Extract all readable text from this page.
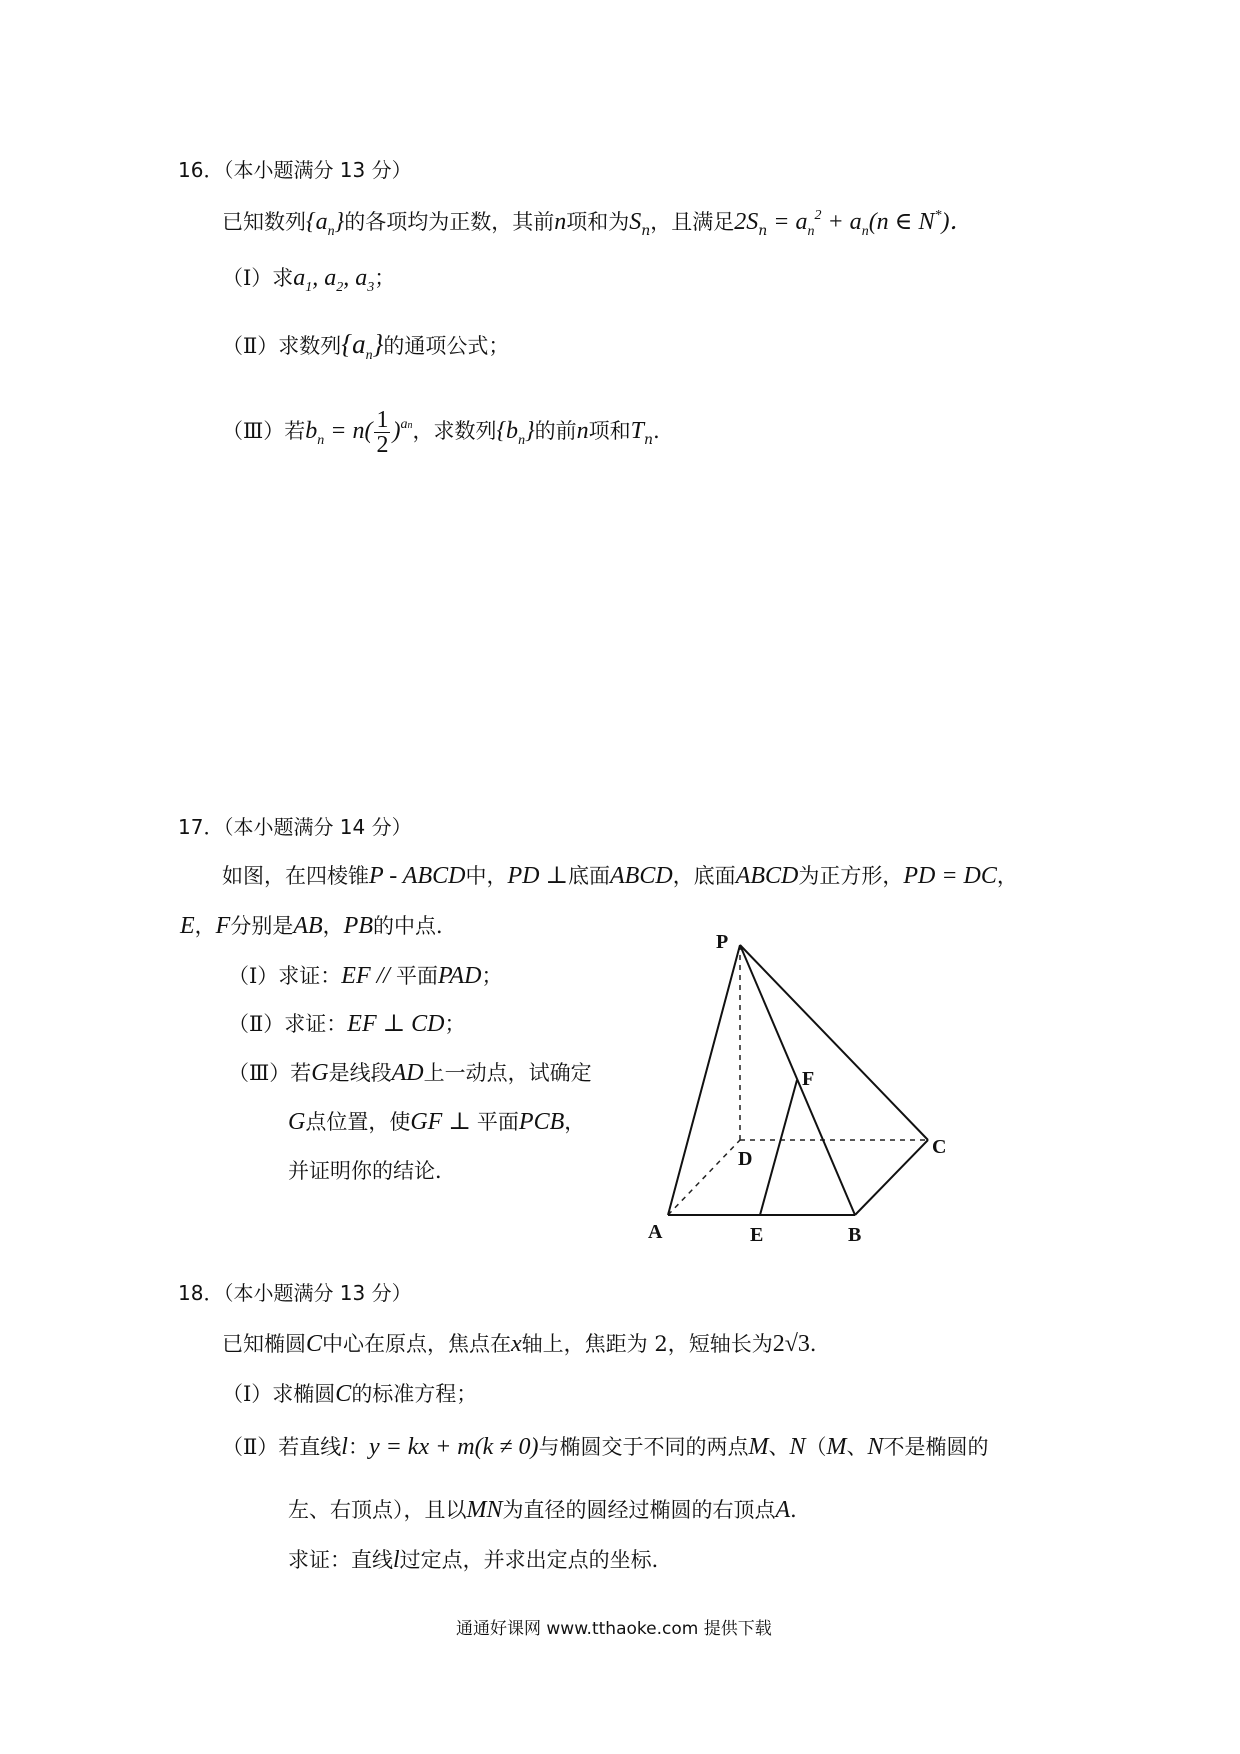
16．（本小题满分 13 分）
已知数列$\{a_n\}$的各项均为正数，其前n项和为$S_n$，且满足$2S_n = a_n^2 + a_n(n$ ∈ N*)．
（Ⅰ）求$a_1$, $a_2$, $a_3$；
（Ⅱ）求数列$\{a_n\}$的通项公式；
（Ⅲ）若$b_n = n( \frac{1}{2} )^{an}$，求数列$\{b_n\}$的前n项和$T_n$．
17．（本小题满分 14 分）
如图，在四棱锥P - ABCD中，PD ⊥底面ABCD，底面ABCD为正方形，PD = DC，
E，F分别是AB，PB的中点．
（Ⅰ）求证：EF // 平面PAD；
（Ⅱ）求证：EF ⊥ CD；
（Ⅲ）若G是线段AD上一动点，试确定
G点位置，使GF ⊥ 平面PCB，
并证明你的结论．
P
F
D
C
A	E	B
18．（本小题满分 13 分）
已知椭圆C中心在原点，焦点在x轴上，焦距为 2，短轴长为2√3．
（Ⅰ）求椭圆C的标准方程；
（Ⅱ）若直线l：y = kx + m(k ≠ 0)与椭圆交于不同的两点M、N（M、N不是椭圆的
左、右顶点），且以MN为直径的圆经过椭圆的右顶点A．
求证：直线l过定点，并求出定点的坐标．
通通好课网 www.tthaoke.com 提供下载
